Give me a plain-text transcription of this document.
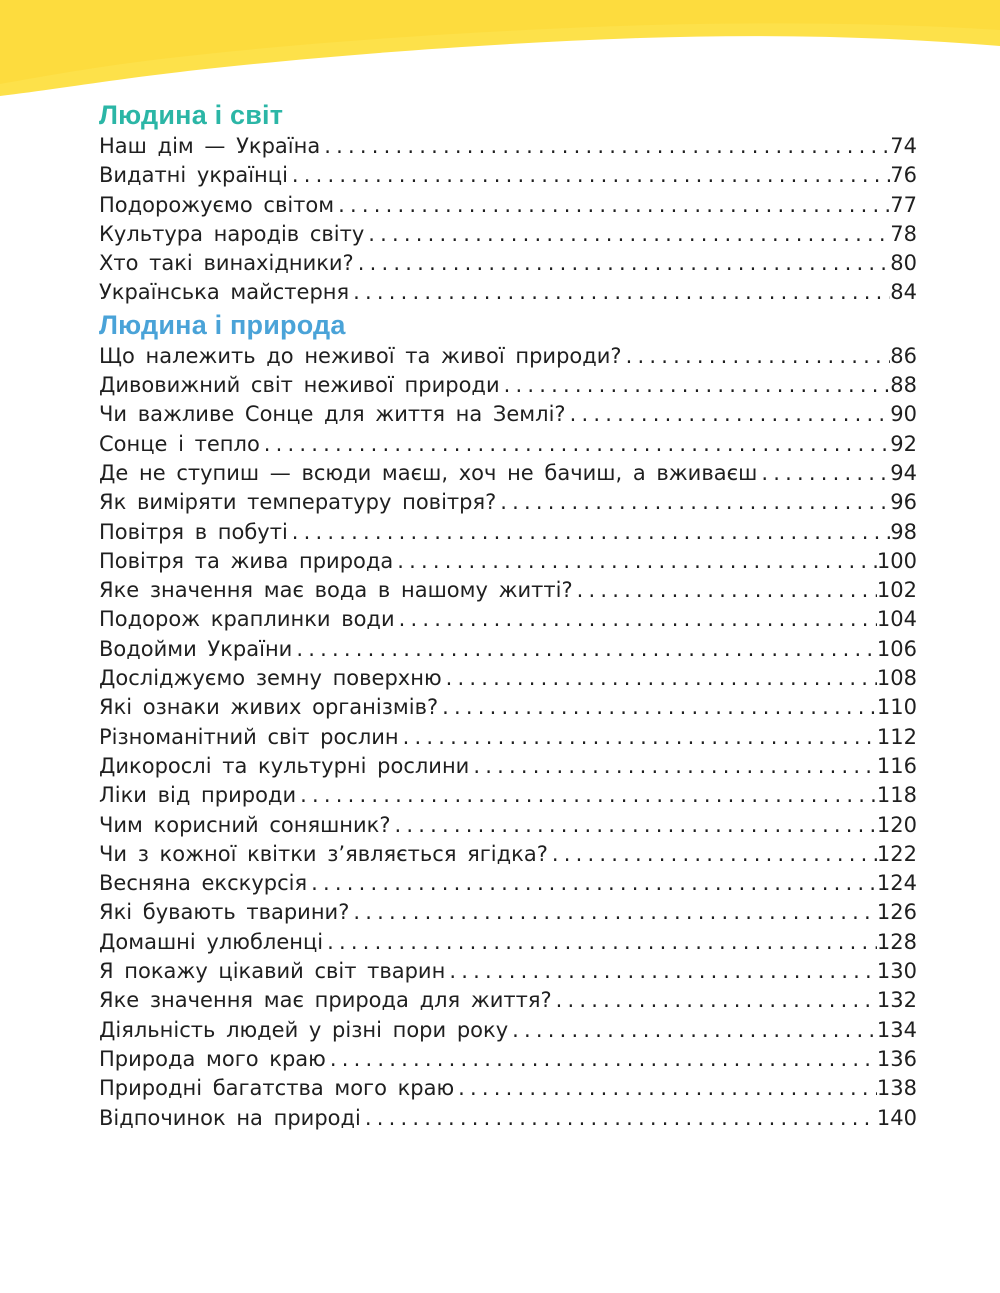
Людина і світ
Наш дім — Україна .....	74
Видатні українці .....	76
Подорожуємо світом .....	77
Культура народів світу .....	78
Хто такі винахідники? .....	80
Українська майстерня .....	84
Людина і природа
Що належить до неживої та живої природи? .....	86
Дивовижний світ неживої природи .....	88
Чи важливе Сонце для життя на Землі? .....	90
Сонце і тепло .....	92
Де не ступиш — всюди маєш, хоч не бачиш, а вживаєш .....	94
Як виміряти температуру повітря? .....	96
Повітря в побуті .....	98
Повітря та жива природа .....	100
Яке значення має вода в нашому житті? .....	102
Подорож краплинки води .....	104
Водойми України .....	106
Досліджуємо земну поверхню .....	108
Які ознаки живих організмів? .....	110
Різноманітний світ рослин .....	112
Дикорослі та культурні рослини .....	116
Ліки від природи .....	118
Чим корисний соняшник? .....	120
Чи з кожної квітки з’являється ягідка? .....	122
Весняна екскурсія .....	124
Які бувають тварини? .....	126
Домашні улюбленці .....	128
Я покажу цікавий світ тварин .....	130
Яке значення має природа для життя? .....	132
Діяльність людей у різні пори року .....	134
Природа мого краю .....	136
Природні багатства мого краю .....	138
Відпочинок на природі .....	140
